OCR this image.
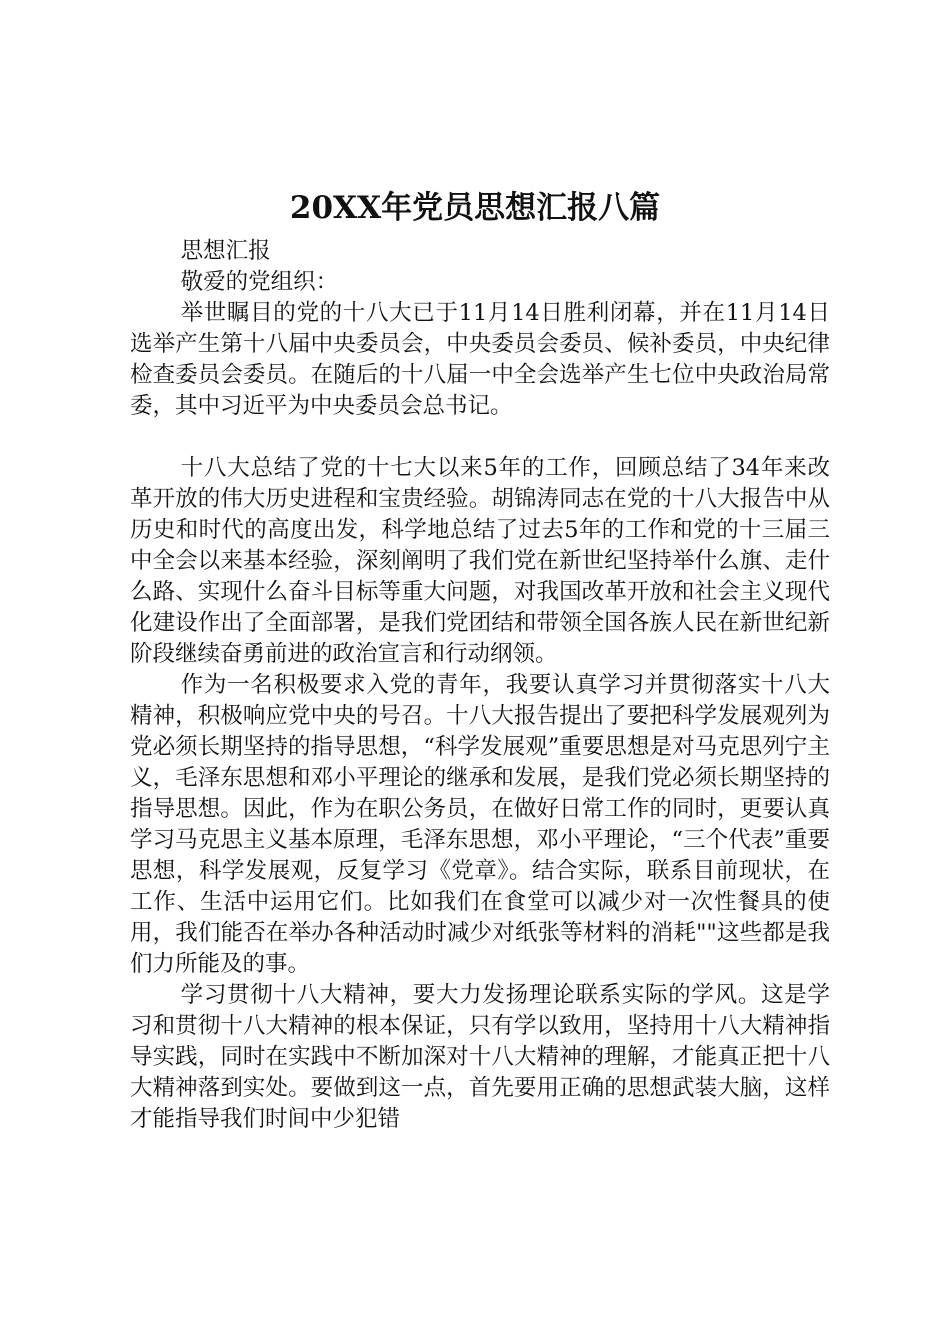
20XX年党员思想汇报八篇

思想汇报

敬爱的党组织：

举世瞩目的党的十八大已于11月14日胜利闭幕，并在11月14日选举产生第十八届中央委员会，中央委员会委员、候补委员，中央纪律检查委员会委员。在随后的十八届一中全会选举产生七位中央政治局常委，其中习近平为中央委员会总书记。

十八大总结了党的十七大以来5年的工作，回顾总结了34年来改革开放的伟大历史进程和宝贵经验。胡锦涛同志在党的十八大报告中从历史和时代的高度出发，科学地总结了过去5年的工作和党的十三届三中全会以来基本经验，深刻阐明了我们党在新世纪坚持举什么旗、走什么路、实现什么奋斗目标等重大问题，对我国改革开放和社会主义现代化建设作出了全面部署，是我们党团结和带领全国各族人民在新世纪新阶段继续奋勇前进的政治宣言和行动纲领。

作为一名积极要求入党的青年，我要认真学习并贯彻落实十八大精神，积极响应党中央的号召。十八大报告提出了要把科学发展观列为党必须长期坚持的指导思想，“科学发展观”重要思想是对马克思列宁主义，毛泽东思想和邓小平理论的继承和发展，是我们党必须长期坚持的指导思想。因此，作为在职公务员，在做好日常工作的同时，更要认真学习马克思主义基本原理，毛泽东思想，邓小平理论，“三个代表”重要思想，科学发展观，反复学习《党章》。结合实际，联系目前现状，在工作、生活中运用它们。比如我们在食堂可以减少对一次性餐具的使用，我们能否在举办各种活动时减少对纸张等材料的消耗""这些都是我们力所能及的事。

学习贯彻十八大精神，要大力发扬理论联系实际的学风。这是学习和贯彻十八大精神的根本保证，只有学以致用，坚持用十八大精神指导实践，同时在实践中不断加深对十八大精神的理解，才能真正把十八大精神落到实处。要做到这一点，首先要用正确的思想武装大脑，这样才能指导我们时间中少犯错
